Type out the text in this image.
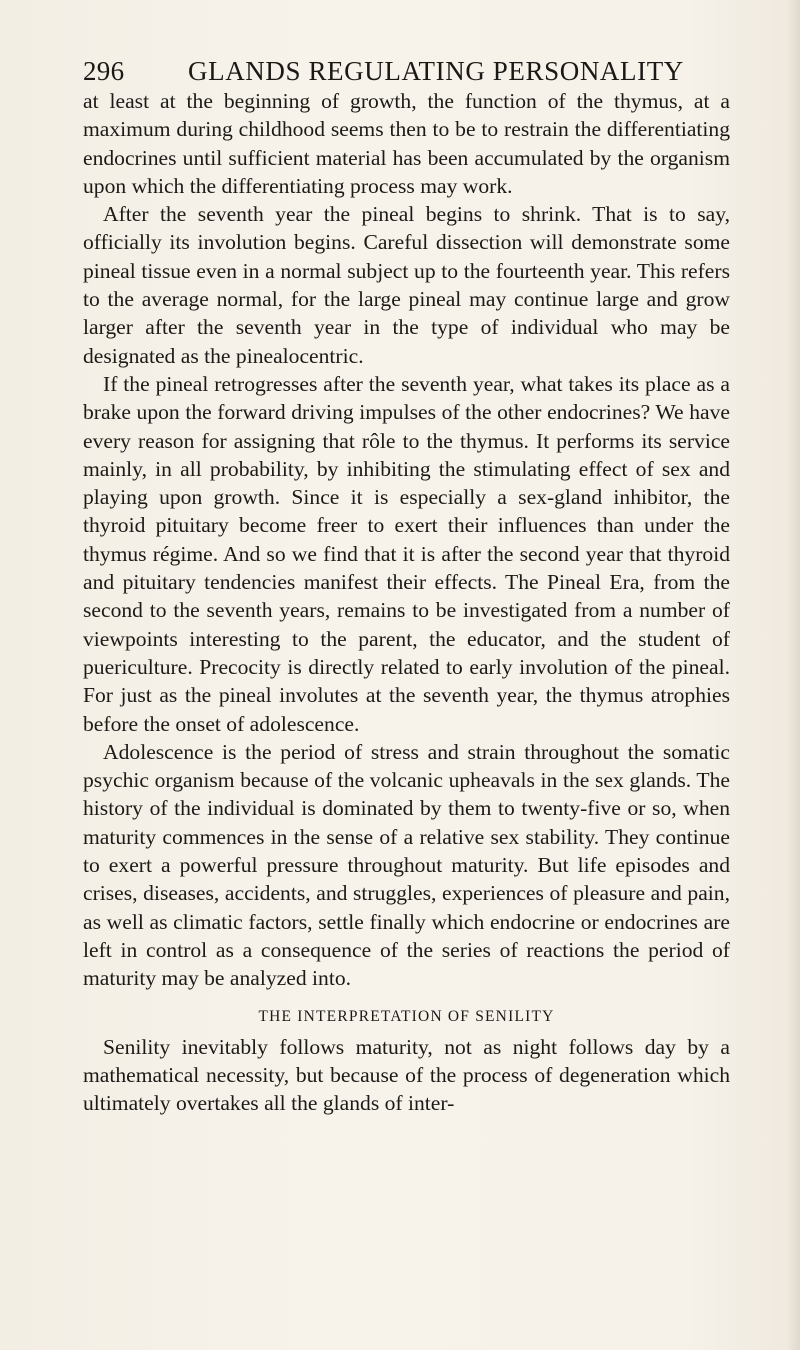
296 GLANDS REGULATING PERSONALITY

at least at the beginning of growth, the function of the thymus, at a maximum during childhood seems then to be to restrain the differentiating endocrines until sufficient material has been accumulated by the organism upon which the differentiating process may work.

After the seventh year the pineal begins to shrink. That is to say, officially its involution begins. Careful dissection will demonstrate some pineal tissue even in a normal subject up to the fourteenth year. This refers to the average normal, for the large pineal may continue large and grow larger after the seventh year in the type of individual who may be designated as the pinealocentric.

If the pineal retrogresses after the seventh year, what takes its place as a brake upon the forward driving impulses of the other endocrines? We have every reason for assigning that rôle to the thymus. It performs its service mainly, in all probability, by inhibiting the stimulating effect of sex and playing upon growth. Since it is especially a sex-gland inhibitor, the thyroid pituitary become freer to exert their influences than under the thymus régime. And so we find that it is after the second year that thyroid and pituitary tendencies manifest their effects. The Pineal Era, from the second to the seventh years, remains to be investigated from a number of viewpoints interesting to the parent, the educator, and the student of puericulture. Precocity is directly related to early involution of the pineal. For just as the pineal involutes at the seventh year, the thymus atrophies before the onset of adolescence.

Adolescence is the period of stress and strain throughout the somatic psychic organism because of the volcanic upheavals in the sex glands. The history of the individual is dominated by them to twenty-five or so, when maturity commences in the sense of a relative sex stability. They continue to exert a powerful pressure throughout maturity. But life episodes and crises, diseases, accidents, and struggles, experiences of pleasure and pain, as well as climatic factors, settle finally which endocrine or endocrines are left in control as a consequence of the series of reactions the period of maturity may be analyzed into.

THE INTERPRETATION OF SENILITY

Senility inevitably follows maturity, not as night follows day by a mathematical necessity, but because of the process of degeneration which ultimately overtakes all the glands of inter-
